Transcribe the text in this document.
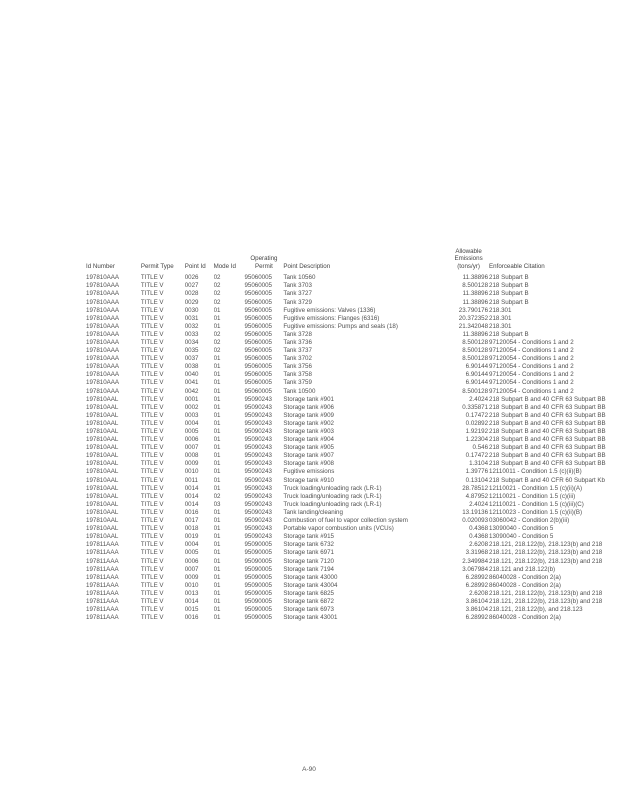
Id Number	Permit Type	Point Id	Mode Id	Operating Permit	Point Description	Allowable Emissions (tons/yr)	Enforceable Citation
197810AAA	TITLE V	0026	02	95060005	Tank 10560	11.38896	218 Subpart B
197810AAA	TITLE V	0027	02	95060005	Tank 3703	8.500128	218 Subpart B
197810AAA	TITLE V	0028	02	95060005	Tank 3727	11.38896	218 Subpart B
197810AAA	TITLE V	0029	02	95060005	Tank 3729	11.38896	218 Subpart B
197810AAA	TITLE V	0030	01	95060005	Fugitive emissions: Valves (1336)	23.790176	218.301
197810AAA	TITLE V	0031	01	95060005	Fugitive emissions: Flanges (6316)	20.372352	218.301
197810AAA	TITLE V	0032	01	95060005	Fugitive emissions: Pumps and seals (18)	21.342048	218.301
197810AAA	TITLE V	0033	02	95060005	Tank 3728	11.38896	218 Subpart B
197810AAA	TITLE V	0034	02	95060005	Tank 3736	8.500128	97120054 - Conditions 1 and 2
197810AAA	TITLE V	0035	02	95060005	Tank 3737	8.500128	97120054 - Conditions 1 and 2
197810AAA	TITLE V	0037	01	95060005	Tank 3702	8.500128	97120054 - Conditions 1 and 2
197810AAA	TITLE V	0038	01	95060005	Tank 3756	6.90144	97120054 - Conditions 1 and 2
197810AAA	TITLE V	0040	01	95060005	Tank 3758	6.90144	97120054 - Conditions 1 and 2
197810AAA	TITLE V	0041	01	95060005	Tank 3759	6.90144	97120054 - Conditions 1 and 2
197810AAA	TITLE V	0042	01	95060005	Tank 10500	8.500128	97120054 - Conditions 1 and 2
197810AAL	TITLE V	0001	01	95090243	Storage tank #901	2.4024	218 Subpart B and 40 CFR 63 Subpart BB
197810AAL	TITLE V	0002	01	95090243	Storage tank #906	0.335871	218 Subpart B and 40 CFR 63 Subpart BB
197810AAL	TITLE V	0003	01	95090243	Storage tank #909	0.17472	218 Subpart B and 40 CFR 63 Subpart BB
197810AAL	TITLE V	0004	01	95090243	Storage tank #902	0.02892	218 Subpart B and 40 CFR 63 Subpart BB
197810AAL	TITLE V	0005	01	95090243	Storage tank #903	1.92192	218 Subpart B and 40 CFR 63 Subpart BB
197810AAL	TITLE V	0006	01	95090243	Storage tank #904	1.22304	218 Subpart B and 40 CFR 63 Subpart BB
197810AAL	TITLE V	0007	01	95090243	Storage tank #905	0.546	218 Subpart B and 40 CFR 63 Subpart BB
197810AAL	TITLE V	0008	01	95090243	Storage tank #907	0.17472	218 Subpart B and 40 CFR 63 Subpart BB
197810AAL	TITLE V	0009	01	95090243	Storage tank #908	1.3104	218 Subpart B and 40 CFR 63 Subpart BB
197810AAL	TITLE V	0010	01	95090243	Fugitive emissions	1.39776	12110011 - Condition 1.5 (c)(ii)(B)
197810AAL	TITLE V	0011	01	95090243	Storage tank #910	0.13104	218 Subpart B and 40 CFR 60 Subpart Kb
197810AAL	TITLE V	0014	01	95090243	Truck loading/unloading rack (LR-1)	28.78512	12110021 - Condition 1.5 (c)(ii)(A)
197810AAL	TITLE V	0014	02	95090243	Truck loading/unloading rack (LR-1)	4.87952	12110021 - Condition 1.5 (c)(iii)
197810AAL	TITLE V	0014	03	95090243	Truck loading/unloading rack (LR-1)	2.4024	12110021 - Condition 1.5 (c)(iii)(C)
197810AAL	TITLE V	0016	01	95090243	Tank landing/cleaning	13.19136	12110023 - Condition 1.5 (c)(ii)(B)
197810AAL	TITLE V	0017	01	95090243	Combustion of fuel to vapor collection system	0.020093	03060042 - Condition 2(b)(iii)
197810AAL	TITLE V	0018	01	95090243	Portable vapor combustion units (VCUs)	0.4368	13090040 - Condition 5
197810AAL	TITLE V	0019	01	95090243	Storage tank #915	0.4368	13090040 - Condition 5
197811AAA	TITLE V	0004	01	95090005	Storage tank 6732	2.6208	218.121, 218.122(b), 218.123(b) and 218
197811AAA	TITLE V	0005	01	95090005	Storage tank 6971	3.31968	218.121, 218.122(b), 218.123(b) and 218
197811AAA	TITLE V	0006	01	95090005	Storage tank 7120	2.349984	218.121, 218.122(b), 218.123(b) and 218
197811AAA	TITLE V	0007	01	95090005	Storage tank 7194	3.067984	218.121 and 218.122(b)
197811AAA	TITLE V	0009	01	95090005	Storage tank 43000	6.28992	86040028 - Condition 2(a)
197811AAA	TITLE V	0010	01	95090005	Storage tank 43004	6.28992	86040028 - Condition 2(a)
197811AAA	TITLE V	0013	01	95090005	Storage tank 6825	2.6208	218.121, 218.122(b), 218.123(b) and 218
197811AAA	TITLE V	0014	01	95090005	Storage tank 6872	3.86104	218.121, 218.122(b), 218.123(b) and 218
197811AAA	TITLE V	0015	01	95090005	Storage tank 6973	3.86104	218.121, 218.122(b), and 218.123
197811AAA	TITLE V	0016	01	95090005	Storage tank 43001	6.28992	86040028 - Condition 2(a)
A-90
